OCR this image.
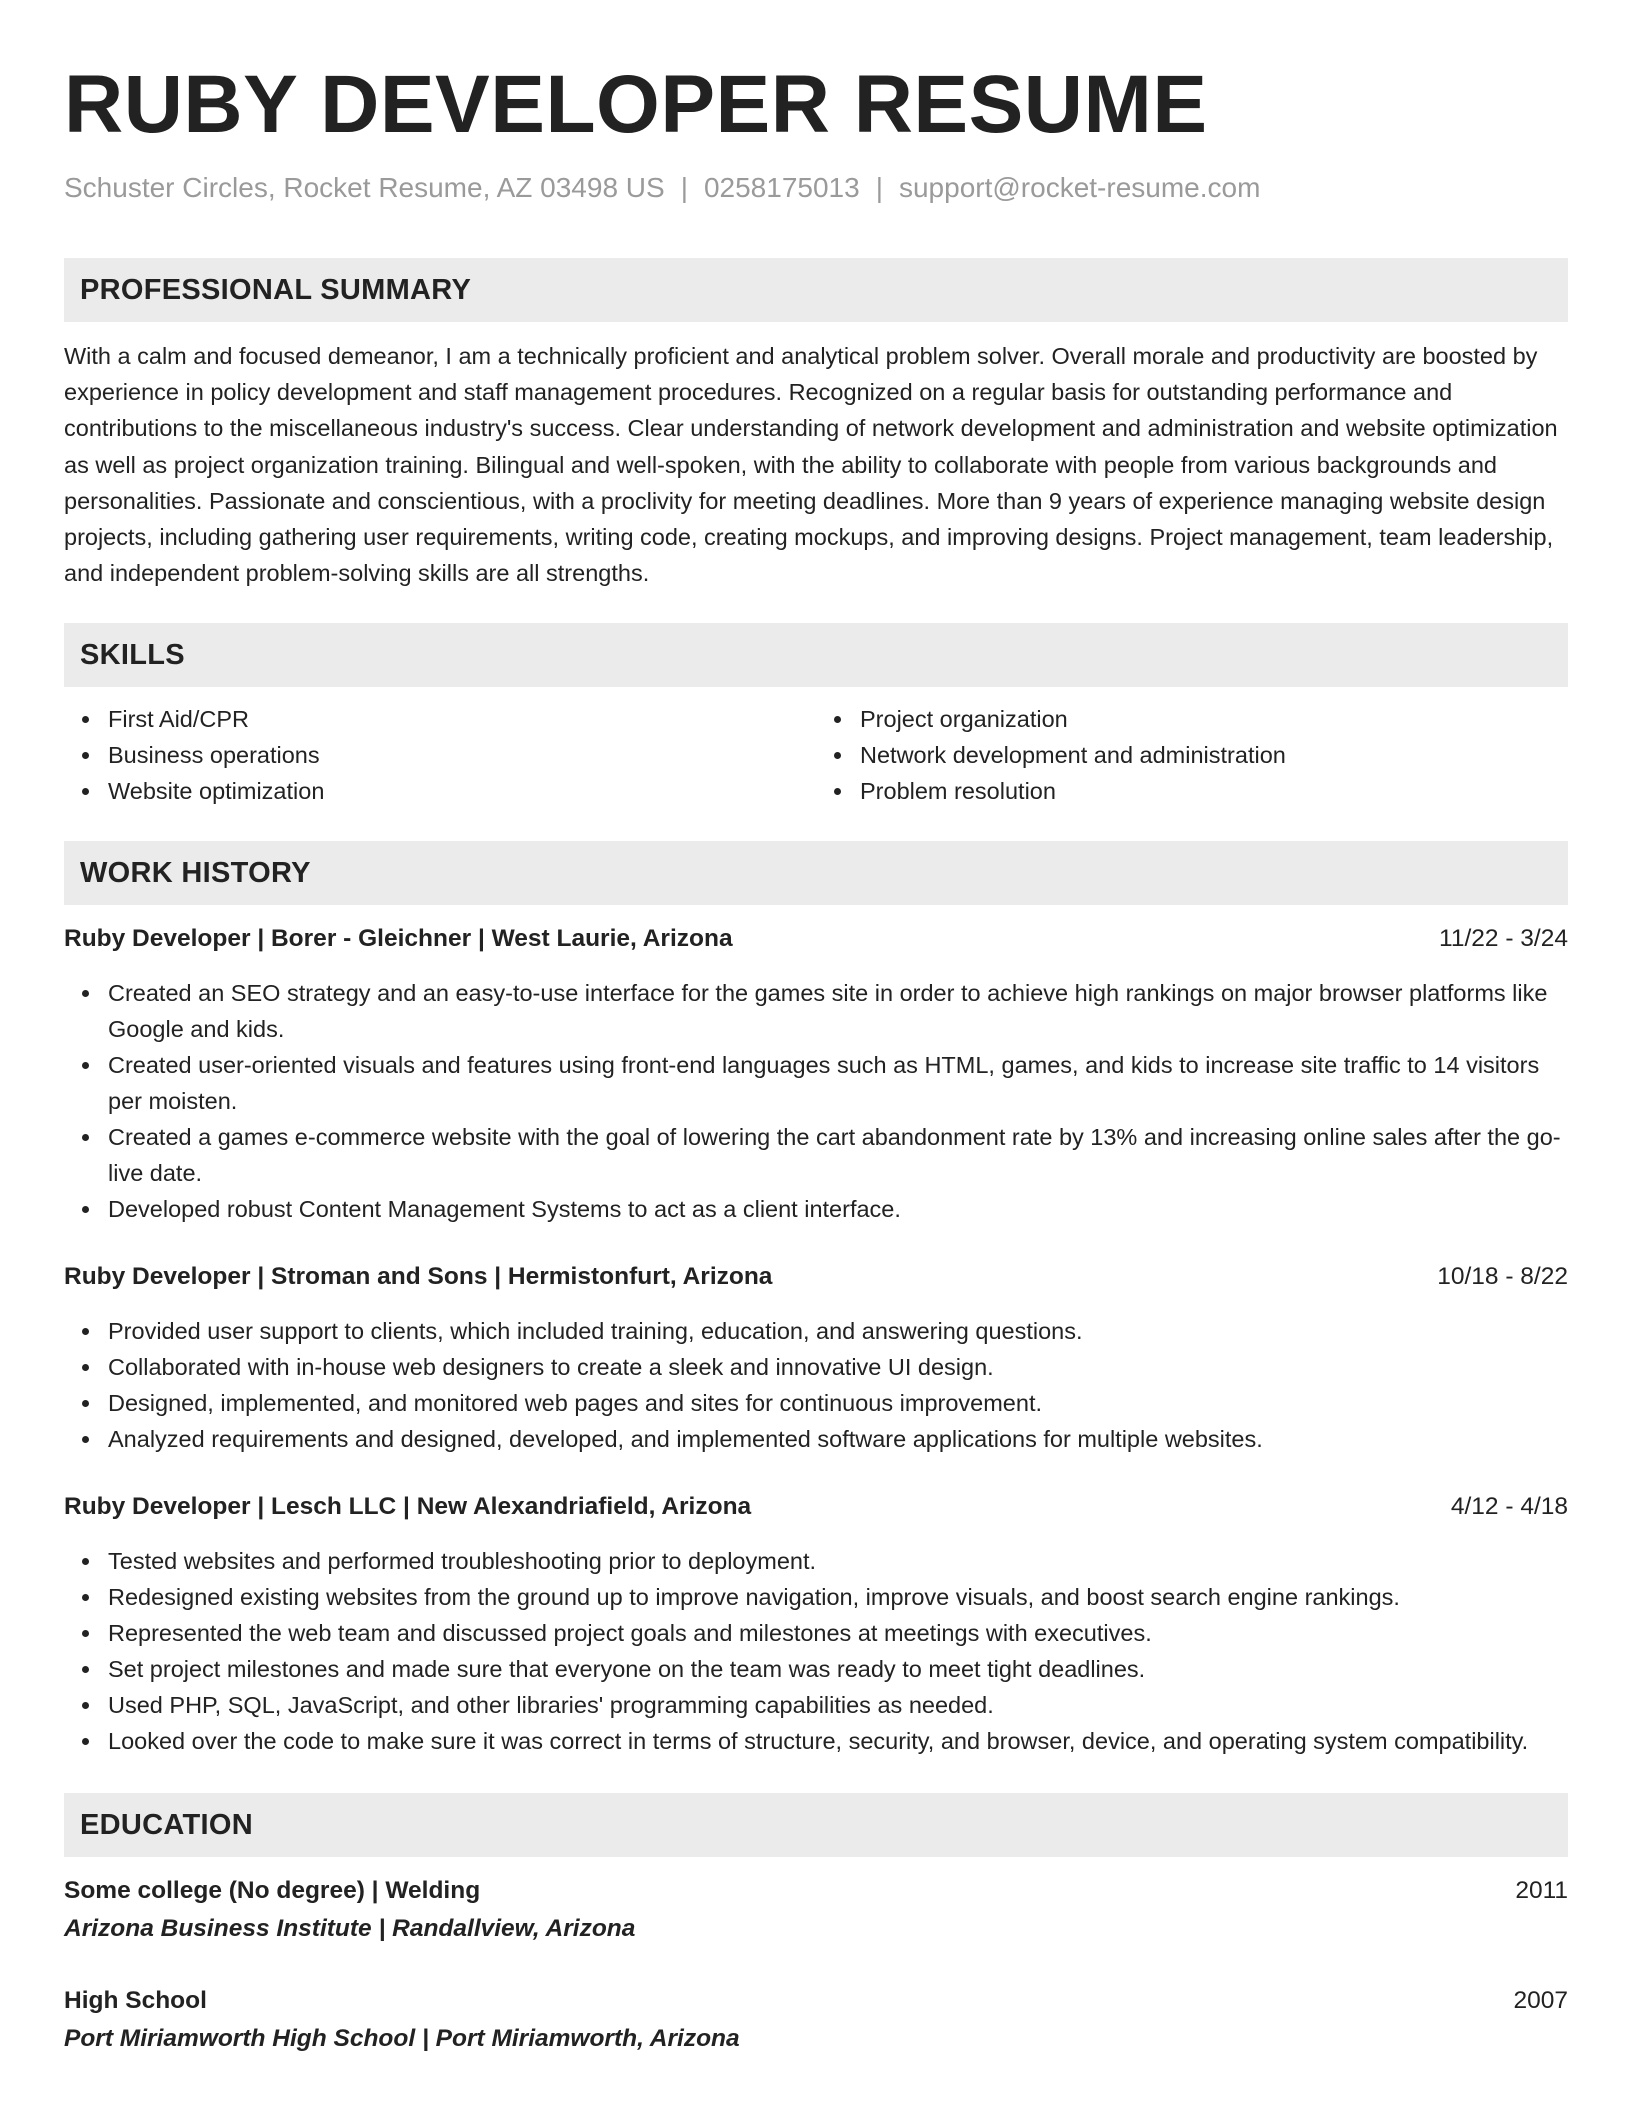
RUBY DEVELOPER RESUME
Schuster Circles, Rocket Resume, AZ 03498 US | 0258175013 | support@rocket-resume.com
PROFESSIONAL SUMMARY

With a calm and focused demeanor, I am a technically proficient and analytical problem solver. Overall morale and productivity are boosted by experience in policy development and staff management procedures. Recognized on a regular basis for outstanding performance and contributions to the miscellaneous industry's success. Clear understanding of network development and administration and website optimization as well as project organization training. Bilingual and well-spoken, with the ability to collaborate with people from various backgrounds and personalities. Passionate and conscientious, with a proclivity for meeting deadlines. More than 9 years of experience managing website design projects, including gathering user requirements, writing code, creating mockups, and improving designs. Project management, team leadership, and independent problem-solving skills are all strengths.

SKILLS
First Aid/CPR
Business operations
Website optimization
Project organization
Network development and administration
Problem resolution
WORK HISTORY
Ruby Developer | Borer - Gleichner | West Laurie, Arizona	11/22 - 3/24
Created an SEO strategy and an easy-to-use interface for the games site in order to achieve high rankings on major browser platforms like Google and kids.
Created user-oriented visuals and features using front-end languages such as HTML, games, and kids to increase site traffic to 14 visitors per moisten.
Created a games e-commerce website with the goal of lowering the cart abandonment rate by 13% and increasing online sales after the go-live date.
Developed robust Content Management Systems to act as a client interface.
Ruby Developer | Stroman and Sons | Hermistonfurt, Arizona	10/18 - 8/22
Provided user support to clients, which included training, education, and answering questions.
Collaborated with in-house web designers to create a sleek and innovative UI design.
Designed, implemented, and monitored web pages and sites for continuous improvement.
Analyzed requirements and designed, developed, and implemented software applications for multiple websites.
Ruby Developer | Lesch LLC | New Alexandriafield, Arizona	4/12 - 4/18
Tested websites and performed troubleshooting prior to deployment.
Redesigned existing websites from the ground up to improve navigation, improve visuals, and boost search engine rankings.
Represented the web team and discussed project goals and milestones at meetings with executives.
Set project milestones and made sure that everyone on the team was ready to meet tight deadlines.
Used PHP, SQL, JavaScript, and other libraries' programming capabilities as needed.
Looked over the code to make sure it was correct in terms of structure, security, and browser, device, and operating system compatibility.
EDUCATION
Some college (No degree) | Welding	2011
Arizona Business Institute | Randallview, Arizona
High School	2007
Port Miriamworth High School | Port Miriamworth, Arizona
